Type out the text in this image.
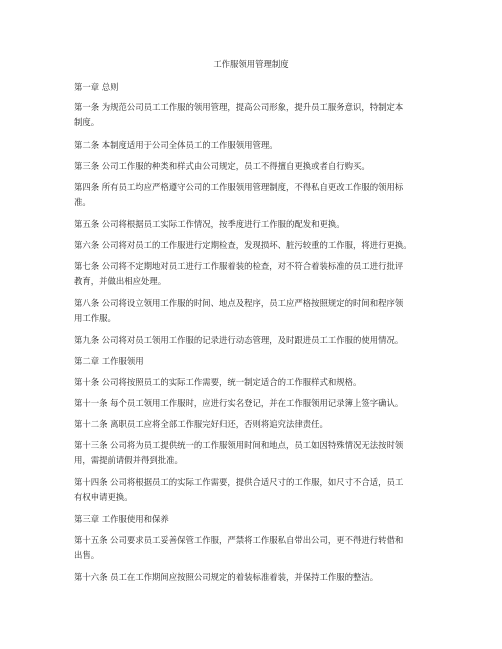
工作服领用管理制度
第一章 总则
第一条 为规范公司员工工作服的领用管理，提高公司形象，提升员工服务意识，特制定本
制度。
第二条 本制度适用于公司全体员工的工作服领用管理。
第三条 公司工作服的种类和样式由公司规定，员工不得擅自更换或者自行购买。
第四条 所有员工均应严格遵守公司的工作服领用管理制度，不得私自更改工作服的领用标
准。
第五条 公司将根据员工实际工作情况，按季度进行工作服的配发和更换。
第六条 公司将对员工的工作服进行定期检查，发现损坏、脏污较重的工作服，将进行更换。
第七条 公司将不定期地对员工进行工作服着装的检查，对不符合着装标准的员工进行批评
教育，并做出相应处理。
第八条 公司将设立领用工作服的时间、地点及程序，员工应严格按照规定的时间和程序领
用工作服。
第九条 公司将对员工领用工作服的记录进行动态管理，及时跟进员工工作服的使用情况。
第二章 工作服领用
第十条 公司将按照员工的实际工作需要，统一制定适合的工作服样式和规格。
第十一条 每个员工领用工作服时，应进行实名登记，并在工作服领用记录簿上签字确认。
第十二条 离职员工应将全部工作服完好归还，否则将追究法律责任。
第十三条 公司将为员工提供统一的工作服领用时间和地点，员工如因特殊情况无法按时领
用，需提前请假并得到批准。
第十四条 公司将根据员工的实际工作需要，提供合适尺寸的工作服，如尺寸不合适，员工
有权申请更换。
第三章 工作服使用和保养
第十五条 公司要求员工妥善保管工作服，严禁将工作服私自带出公司，更不得进行转借和
出售。
第十六条 员工在工作期间应按照公司规定的着装标准着装，并保持工作服的整洁。
